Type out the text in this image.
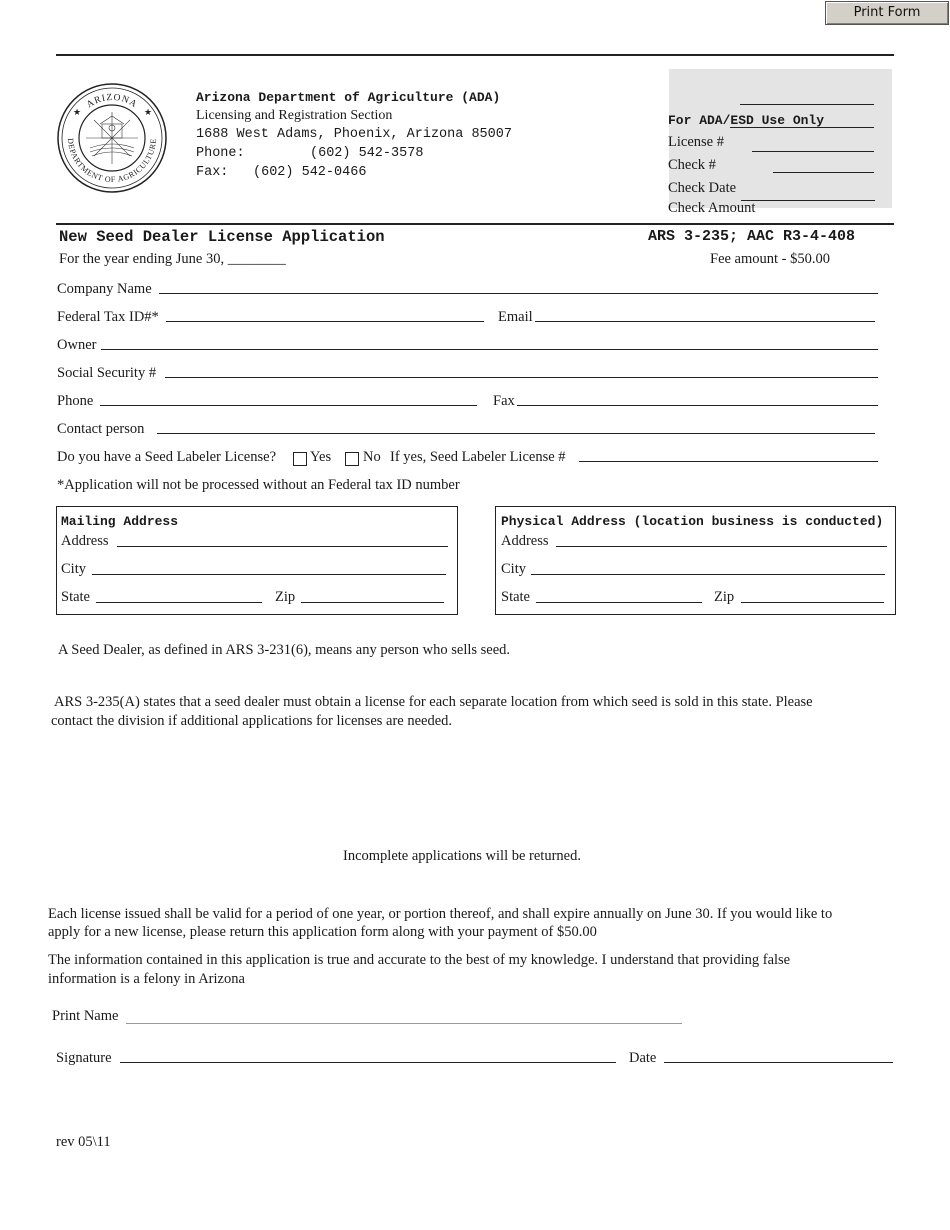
Print Form
ARIZONA
DEPARTMENT OF AGRICULTURE
★	★
Arizona Department of Agriculture (ADA)
Licensing and Registration Section
1688 West Adams, Phoenix, Arizona 85007
Phone:	(602) 542-3578
Fax: (602) 542-0466
For ADA/ESD Use Only
License #
Check #
Check Date
Check Amount
New Seed Dealer License Application	ARS 3-235; AAC R3-4-408
For the year ending June 30, ________	Fee amount - $50.00
Company Name
Federal Tax ID#*	Email
Owner
Social Security #
Phone	Fax
Contact person
Do you have a Seed Labeler License? Yes No If yes, Seed Labeler License #
*Application will not be processed without an Federal tax ID number
Mailing Address
Address
City
State	Zip
Physical Address (location business is conducted)
Address
City
State	Zip
A Seed Dealer, as defined in ARS 3-231(6), means any person who sells seed.
ARS 3-235(A) states that a seed dealer must obtain a license for each separate location from which seed is sold in this state. Please
contact the division if additional applications for licenses are needed.
Incomplete applications will be returned.
Each license issued shall be valid for a period of one year, or portion thereof, and shall expire annually on June 30. If you would like to
apply for a new license, please return this application form along with your payment of $50.00
The information contained in this application is true and accurate to the best of my knowledge. I understand that providing false
information is a felony in Arizona
Print Name
Signature	Date
rev 05\11
